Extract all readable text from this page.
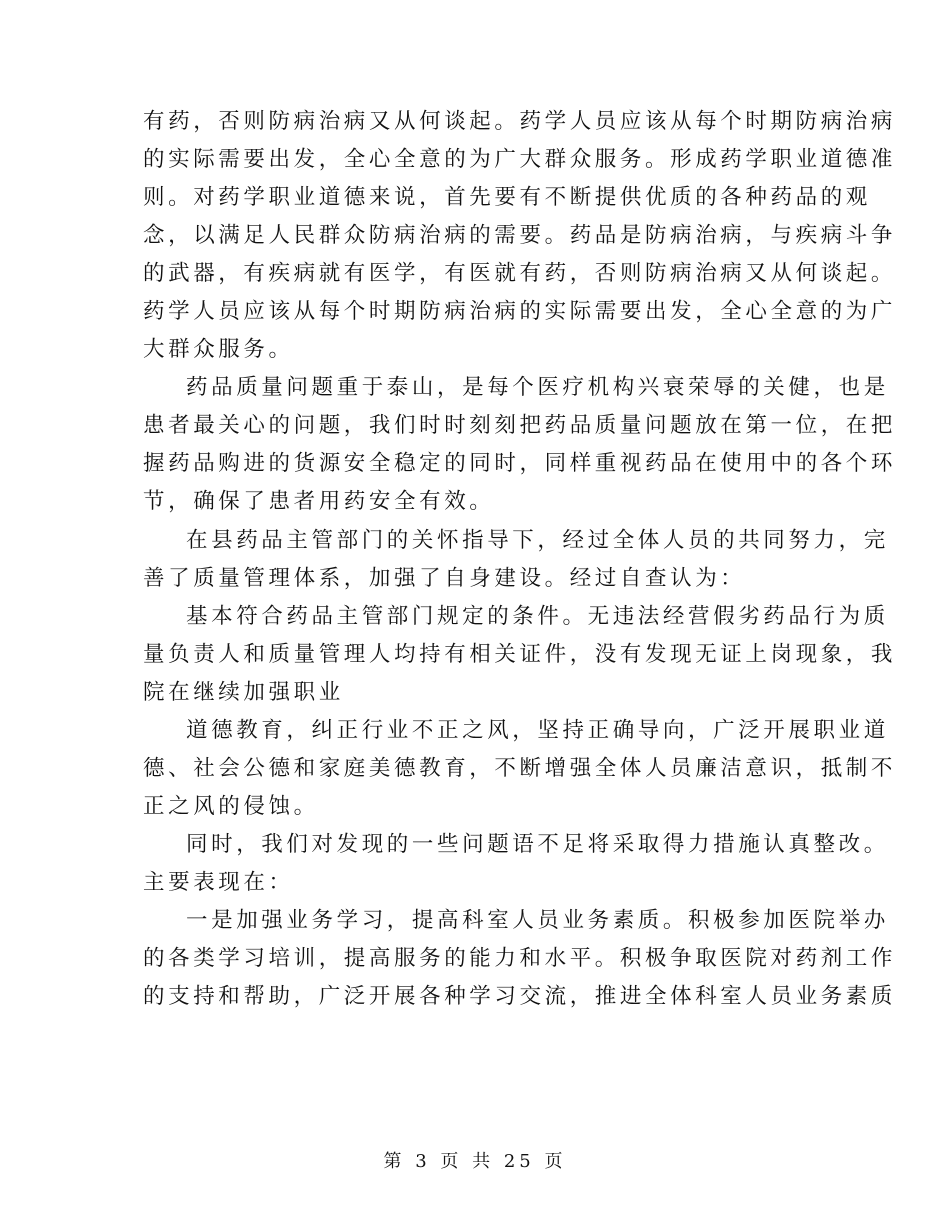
有药，否则防病治病又从何谈起。药学人员应该从每个时期防病治病
的实际需要出发，全心全意的为广大群众服务。形成药学职业道德准
则。对药学职业道德来说，首先要有不断提供优质的各种药品的观
念，以满足人民群众防病治病的需要。药品是防病治病，与疾病斗争
的武器，有疾病就有医学，有医就有药，否则防病治病又从何谈起。
药学人员应该从每个时期防病治病的实际需要出发，全心全意的为广
大群众服务。
药品质量问题重于泰山，是每个医疗机构兴衰荣辱的关健，也是
患者最关心的问题，我们时时刻刻把药品质量问题放在第一位，在把
握药品购进的货源安全稳定的同时，同样重视药品在使用中的各个环
节，确保了患者用药安全有效。
在县药品主管部门的关怀指导下，经过全体人员的共同努力，完
善了质量管理体系，加强了自身建设。经过自查认为：
基本符合药品主管部门规定的条件。无违法经营假劣药品行为质
量负责人和质量管理人均持有相关证件，没有发现无证上岗现象，我
院在继续加强职业
道德教育，纠正行业不正之风，坚持正确导向，广泛开展职业道
德、社会公德和家庭美德教育，不断增强全体人员廉洁意识，抵制不
正之风的侵蚀。
同时，我们对发现的一些问题语不足将采取得力措施认真整改。
主要表现在：
一是加强业务学习，提高科室人员业务素质。积极参加医院举办
的各类学习培训，提高服务的能力和水平。积极争取医院对药剂工作
的支持和帮助，广泛开展各种学习交流，推进全体科室人员业务素质
第 3 页 共 25 页
